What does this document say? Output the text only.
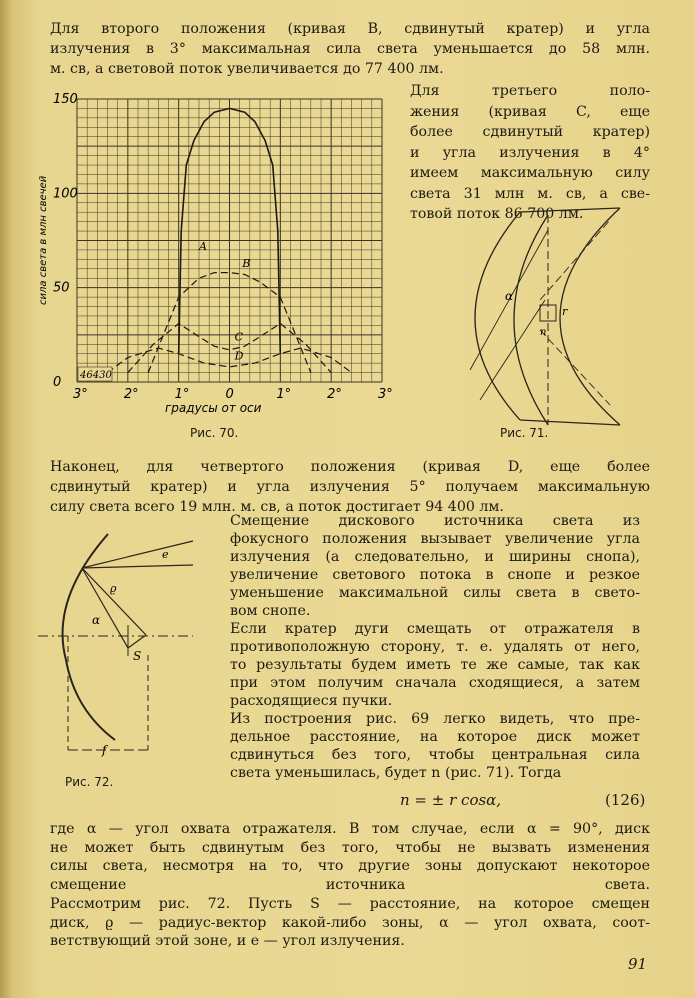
Для второго положения (кривая B, сдвинутый кратер) и угла
излучения в 3° максимальная сила света уменьшается до 58 млн.
м. св, а световой поток увеличивается до 77 400 лм.
Для третьего поло-
жения (кривая C, еще
более сдвинутый кратер)
и угла излучения в 4°
имеем максимальную силу
света 31 млн м. св, а све-
товой поток 86 700 лм.
Наконец, для четвертого положения (кривая D, еще более
сдвинутый кратер) и угла излучения 5° получаем максимальную
силу света всего 19 млн. м. св, а поток достигает 94 400 лм.
Смещение дискового источника света из
фокусного положения вызывает увеличение угла
излучения (а следовательно, и ширины снопа),
увеличение светового потока в снопе и резкое
уменьшение максимальной силы света в свето-
вом снопе.
Если кратер дуги смещать от отражателя в
противоположную сторону, т. е. удалять от него,
то результаты будем иметь те же самые, так как
при этом получим сначала сходящиеся, а затем
расходящиеся пучки.
Из построения рис. 69 легко видеть, что пре-
дельное расстояние, на которое диск может
сдвинуться без того, чтобы центральная сила
света уменьшилась, будет n (рис. 71). Тогда
где α — угол охвата отражателя. В том случае, если α = 90°, диск
не может быть сдвинутым без того, чтобы не вызвать изменения
силы света, несмотря на то, что другие зоны допускают некоторое
смещение источника света.
Рассмотрим рис. 72. Пусть S — расстояние, на которое смещен
диск, ϱ — радиус-вектор какой-либо зоны, α — угол охвата, соот-
ветствующий этой зоне, и e — угол излучения.
A
B
C
D
3°	2°	1°	0	1°	2°	3°
0
50
100
150
градусы от оси
сила света в млн свечей
46430
α
n
r
e
ϱ
α
S
f
Рис. 70.	Рис. 71.
Рис. 72.
n = ± r cosα,	(126)
91
